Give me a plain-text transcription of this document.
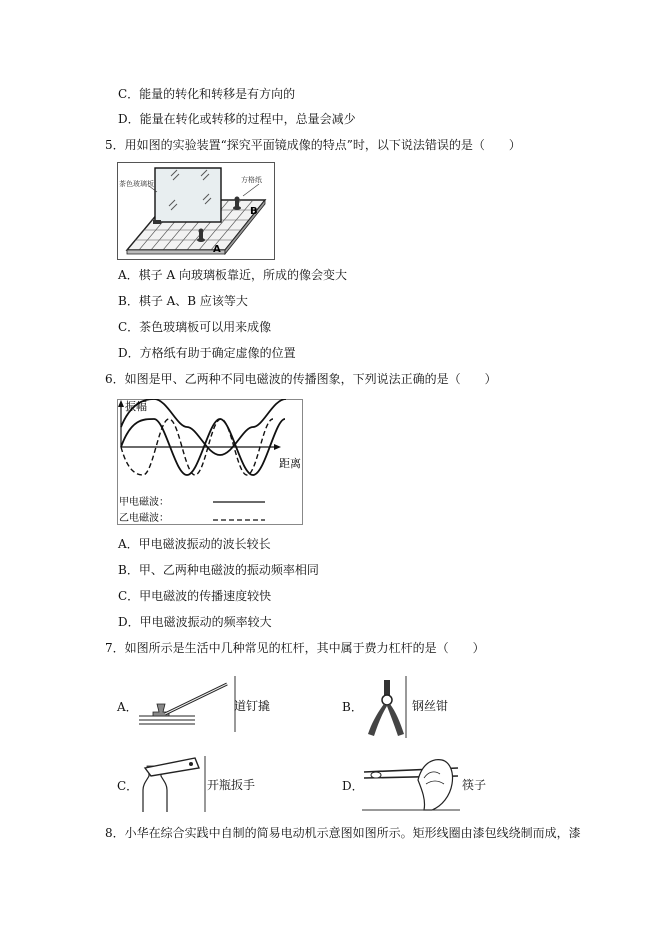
C．能量的转化和转移是有方向的
D．能量在转化或转移的过程中，总量会减少
5．用如图的实验装置“探究平面镜成像的特点”时，以下说法错误的是（　　）
茶色玻璃板	方格纸
A
B
A．棋子 A 向玻璃板靠近，所成的像会变大
B．棋子 A、B 应该等大
C．茶色玻璃板可以用来成像
D．方格纸有助于确定虚像的位置
6．如图是甲、乙两种不同电磁波的传播图象，下列说法正确的是（　　）
振幅
距离
甲电磁波：
乙电磁波：
A．甲电磁波振动的波长较长
B．甲、乙两种电磁波的振动频率相同
C．甲电磁波的传播速度较快
D．甲电磁波振动的频率较大
7．如图所示是生活中几种常见的杠杆，其中属于费力杠杆的是（　　）
A．	道钉撬	B．	钢丝钳
C．	开瓶扳手	D．	筷子
8．小华在综合实践中自制的简易电动机示意图如图所示。矩形线圈由漆包线绕制而成，漆
